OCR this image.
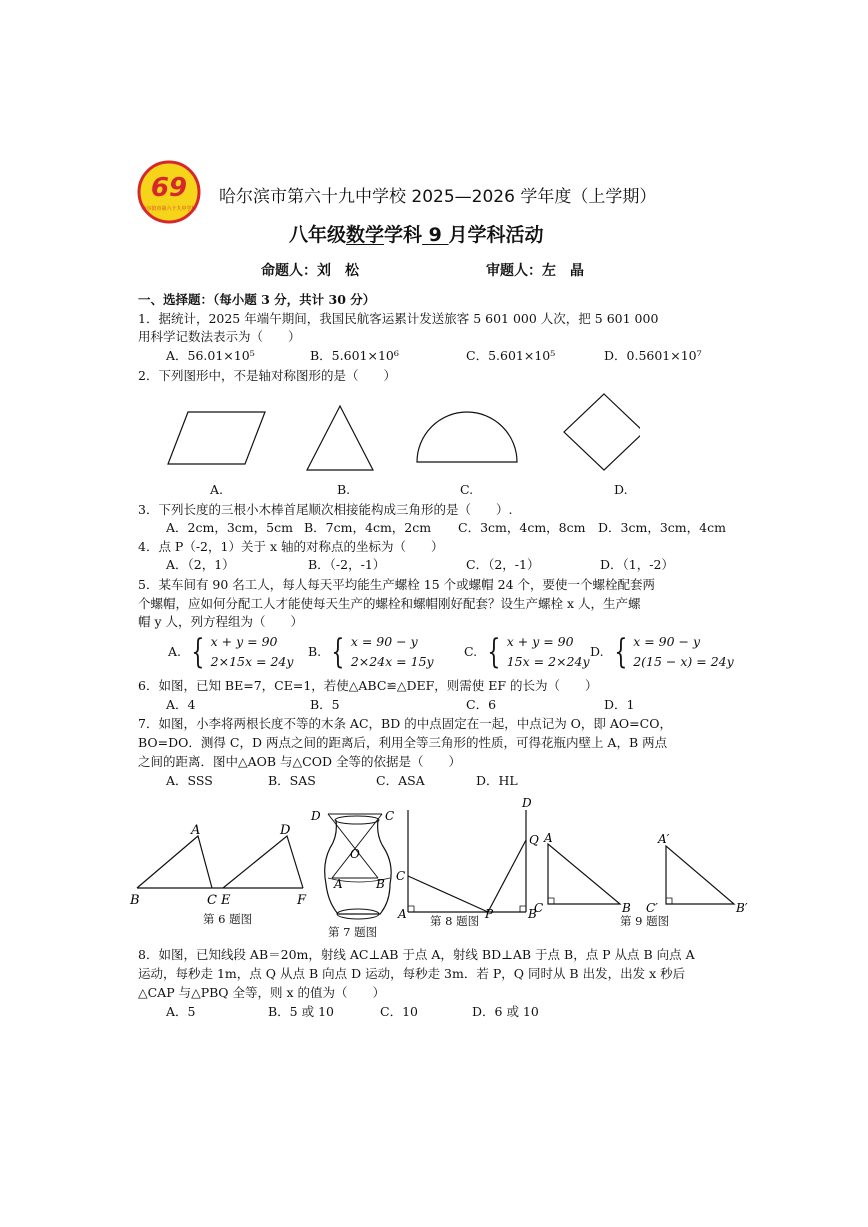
69
哈尔滨市第六十九中学校
哈尔滨市第六十九中学校 2025—2026 学年度（上学期）
八年级数学学科 9 月学科活动
命题人：刘　松	审题人：左　晶
一、选择题：（每小题 3 分，共计 30 分）
1．据统计，2025 年端午期间，我国民航客运累计发送旅客 5 601 000 人次，把 5 601 000
用科学记数法表示为（　　）
A．56.01×10⁵	B．5.601×10⁶	C．5.601×10⁵	D．0.5601×10⁷
2．下列图形中，不是轴对称图形的是（　　）
A.	B.	C.	D.
3．下列长度的三根小木棒首尾顺次相接能构成三角形的是（　　）.
A．2cm，3cm，5cm B．7cm，4cm，2cm C．3cm，4cm，8cm D．3cm，3cm，4cm
4．点 P（-2，1）关于 x 轴的对称点的坐标为（　　）
A．（2，1）	B．（-2，-1）	C．（2，-1）	D．（1，-2）
5．某车间有 90 名工人，每人每天平均能生产螺栓 15 个或螺帽 24 个，要使一个螺栓配套两
个螺帽，应如何分配工人才能使每天生产的螺栓和螺帽刚好配套？设生产螺栓 x 人，生产螺
帽 y 人，列方程组为（　　）
A. { x + y = 90
2×15x = 24y
B. { x = 90 − y
2×24x = 15y
C. { x + y = 90
15x = 2×24y
D. { x = 90 − y
2(15 − x) = 24y
6．如图，已知 BE=7，CE=1，若使△ABC≌△DEF，则需使 EF 的长为（　　）
A．4	B．5	C．6	D．1
7．如图，小李将两根长度不等的木条 AC，BD 的中点固定在一起，中点记为 O，即 AO=CO，
BO=DO．测得 C，D 两点之间的距离后，利用全等三角形的性质，可得花瓶内壁上 A，B 两点
之间的距离．图中△AOB 与△COD 全等的依据是（　　）
A．SSS	B．SAS	C．ASA	D．HL
A
B	C E
D
F
第 6 题图
D	C
O
A	B
第 7 题图
D
Q
C
A	P	B
第 8 题图
A
C	B
A′
C′	B′
第 9 题图
8．如图，已知线段 AB＝20m，射线 AC⊥AB 于点 A，射线 BD⊥AB 于点 B，点 P 从点 B 向点 A
运动，每秒走 1m，点 Q 从点 B 向点 D 运动，每秒走 3m．若 P，Q 同时从 B 出发，出发 x 秒后
△CAP 与△PBQ 全等，则 x 的值为（　　）
A．5	B．5 或 10	C．10	D．6 或 10
